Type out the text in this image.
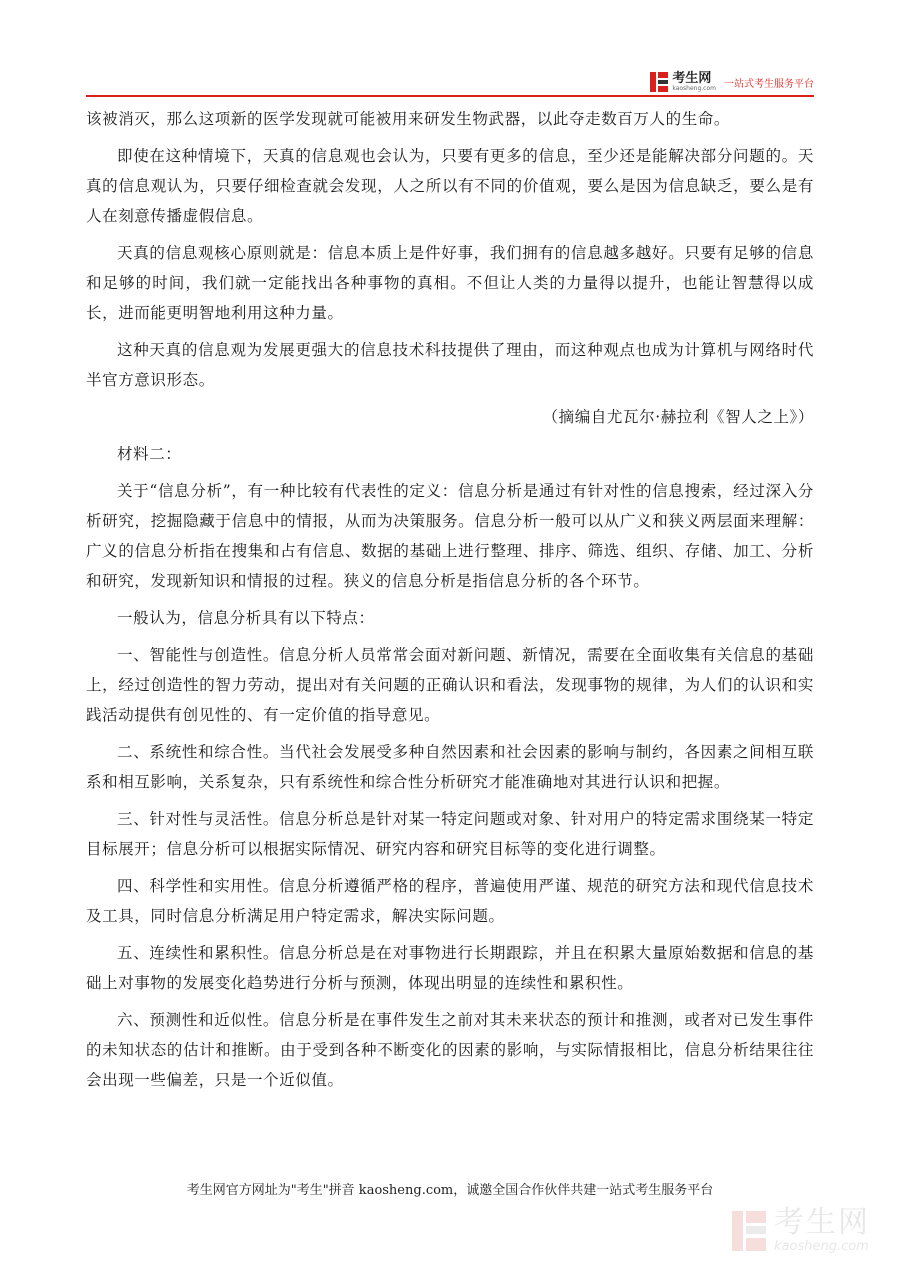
考生网
kaosheng.com 一站式考生服务平台

该被消灭，那么这项新的医学发现就可能被用来研发生物武器，以此夺走数百万人的生命。

即使在这种情境下，天真的信息观也会认为，只要有更多的信息，至少还是能解决部分问题的。天真的信息观认为，只要仔细检查就会发现，人之所以有不同的价值观，要么是因为信息缺乏，要么是有人在刻意传播虚假信息。

天真的信息观核心原则就是：信息本质上是件好事，我们拥有的信息越多越好。只要有足够的信息和足够的时间，我们就一定能找出各种事物的真相。不但让人类的力量得以提升，也能让智慧得以成长，进而能更明智地利用这种力量。

这种天真的信息观为发展更强大的信息技术科技提供了理由，而这种观点也成为计算机与网络时代半官方意识形态。

（摘编自尤瓦尔·赫拉利《智人之上》）

材料二：

关于“信息分析”，有一种比较有代表性的定义：信息分析是通过有针对性的信息搜索，经过深入分析研究，挖掘隐藏于信息中的情报，从而为决策服务。信息分析一般可以从广义和狭义两层面来理解：广义的信息分析指在搜集和占有信息、数据的基础上进行整理、排序、筛选、组织、存储、加工、分析和研究，发现新知识和情报的过程。狭义的信息分析是指信息分析的各个环节。

一般认为，信息分析具有以下特点：

一、智能性与创造性。信息分析人员常常会面对新问题、新情况，需要在全面收集有关信息的基础上，经过创造性的智力劳动，提出对有关问题的正确认识和看法，发现事物的规律，为人们的认识和实践活动提供有创见性的、有一定价值的指导意见。

二、系统性和综合性。当代社会发展受多种自然因素和社会因素的影响与制约，各因素之间相互联系和相互影响，关系复杂，只有系统性和综合性分析研究才能准确地对其进行认识和把握。

三、针对性与灵活性。信息分析总是针对某一特定问题或对象、针对用户的特定需求围绕某一特定目标展开；信息分析可以根据实际情况、研究内容和研究目标等的变化进行调整。

四、科学性和实用性。信息分析遵循严格的程序，普遍使用严谨、规范的研究方法和现代信息技术及工具，同时信息分析满足用户特定需求，解决实际问题。

五、连续性和累积性。信息分析总是在对事物进行长期跟踪，并且在积累大量原始数据和信息的基础上对事物的发展变化趋势进行分析与预测，体现出明显的连续性和累积性。

六、预测性和近似性。信息分析是在事件发生之前对其未来状态的预计和推测，或者对已发生事件的未知状态的估计和推断。由于受到各种不断变化的因素的影响，与实际情报相比，信息分析结果往往会出现一些偏差，只是一个近似值。

考生网官方网址为"考生"拼音 kaosheng.com，诚邀全国合作伙伴共建一站式考生服务平台
考生网
kaosheng.com
